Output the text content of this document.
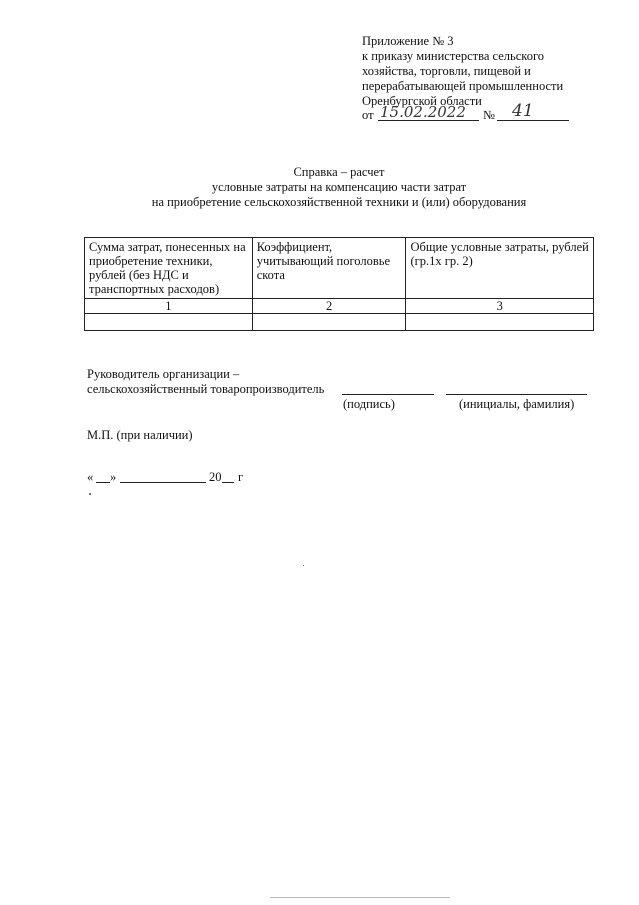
Приложение № 3
к приказу министерства сельского
хозяйства, торговли, пищевой и
перерабатывающей промышленности
Оренбургской области
от 15.02.2022 № 41
Справка – расчет
условные затраты на компенсацию части затрат
на приобретение сельскохозяйственной техники и (или) оборудования
Сумма затрат, понесенных на приобретение техники, рублей (без НДС и транспортных расходов)	Коэффициент, учитывающий поголовье скота	Общие условные затраты, рублей (гр.1х гр. 2)
1	2	3

Руководитель организации –
сельскохозяйственный товаропроизводитель
(подпись)	(инициалы, фамилия)
М.П. (при наличии)
« »	20 г
